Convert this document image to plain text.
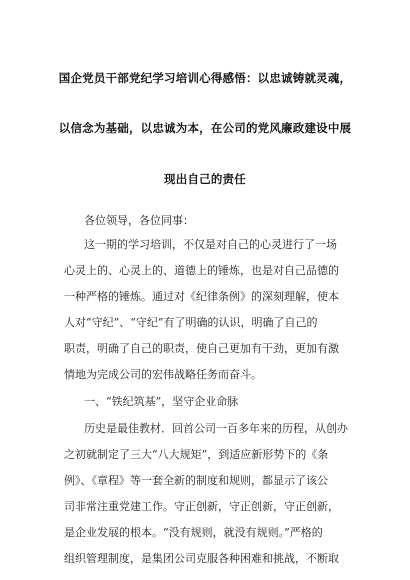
国企党员干部党纪学习培训心得感悟：以忠诚铸就灵魂，
以信念为基础，以忠诚为本，在公司的党风廉政建设中展
现出自己的责任
各位领导，各位同事：
这一期的学习培训，不仅是对自己的心灵进行了一场
心灵上的、心灵上的、道德上的锤炼，也是对自己品德的
一种严格的锤炼。通过对《纪律条例》的深刻理解，使本
人对“守纪”、“守纪”有了明确的认识，明确了自己的
职责，明确了自己的职责，使自己更加有干劲，更加有激
情地为完成公司的宏伟战略任务而奋斗。
一、“铁纪筑基”，坚守企业命脉
历史是最佳教材．回首公司一百多年来的历程，从创办
之初就制定了三大“八大规矩”，到适应新形势下的《条
例》、《章程》等一套全新的制度和规则，都显示了该公
司非常注重党建工作。守正创新，守正创新，守正创新，
是企业发展的根本。“没有规则，就没有规则。”严格的
组织管理制度，是集团公司克服各种困难和挑战，不断取
